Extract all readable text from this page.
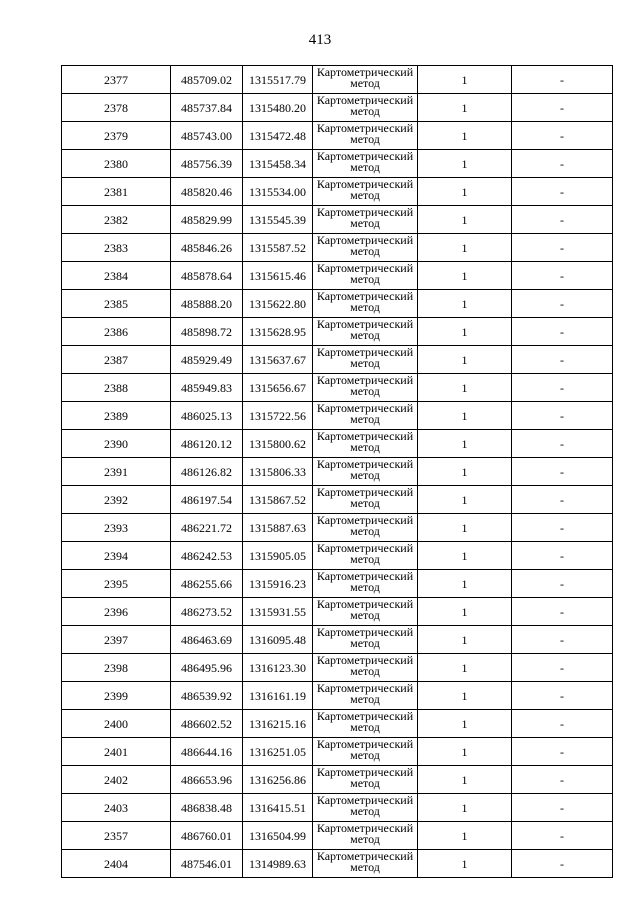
413
2377	485709.02	1315517.79	Картометрический метод	1	-
2378	485737.84	1315480.20	Картометрический метод	1	-
2379	485743.00	1315472.48	Картометрический метод	1	-
2380	485756.39	1315458.34	Картометрический метод	1	-
2381	485820.46	1315534.00	Картометрический метод	1	-
2382	485829.99	1315545.39	Картометрический метод	1	-
2383	485846.26	1315587.52	Картометрический метод	1	-
2384	485878.64	1315615.46	Картометрический метод	1	-
2385	485888.20	1315622.80	Картометрический метод	1	-
2386	485898.72	1315628.95	Картометрический метод	1	-
2387	485929.49	1315637.67	Картометрический метод	1	-
2388	485949.83	1315656.67	Картометрический метод	1	-
2389	486025.13	1315722.56	Картометрический метод	1	-
2390	486120.12	1315800.62	Картометрический метод	1	-
2391	486126.82	1315806.33	Картометрический метод	1	-
2392	486197.54	1315867.52	Картометрический метод	1	-
2393	486221.72	1315887.63	Картометрический метод	1	-
2394	486242.53	1315905.05	Картометрический метод	1	-
2395	486255.66	1315916.23	Картометрический метод	1	-
2396	486273.52	1315931.55	Картометрический метод	1	-
2397	486463.69	1316095.48	Картометрический метод	1	-
2398	486495.96	1316123.30	Картометрический метод	1	-
2399	486539.92	1316161.19	Картометрический метод	1	-
2400	486602.52	1316215.16	Картометрический метод	1	-
2401	486644.16	1316251.05	Картометрический метод	1	-
2402	486653.96	1316256.86	Картометрический метод	1	-
2403	486838.48	1316415.51	Картометрический метод	1	-
2357	486760.01	1316504.99	Картометрический метод	1	-
2404	487546.01	1314989.63	Картометрический метод	1	-
